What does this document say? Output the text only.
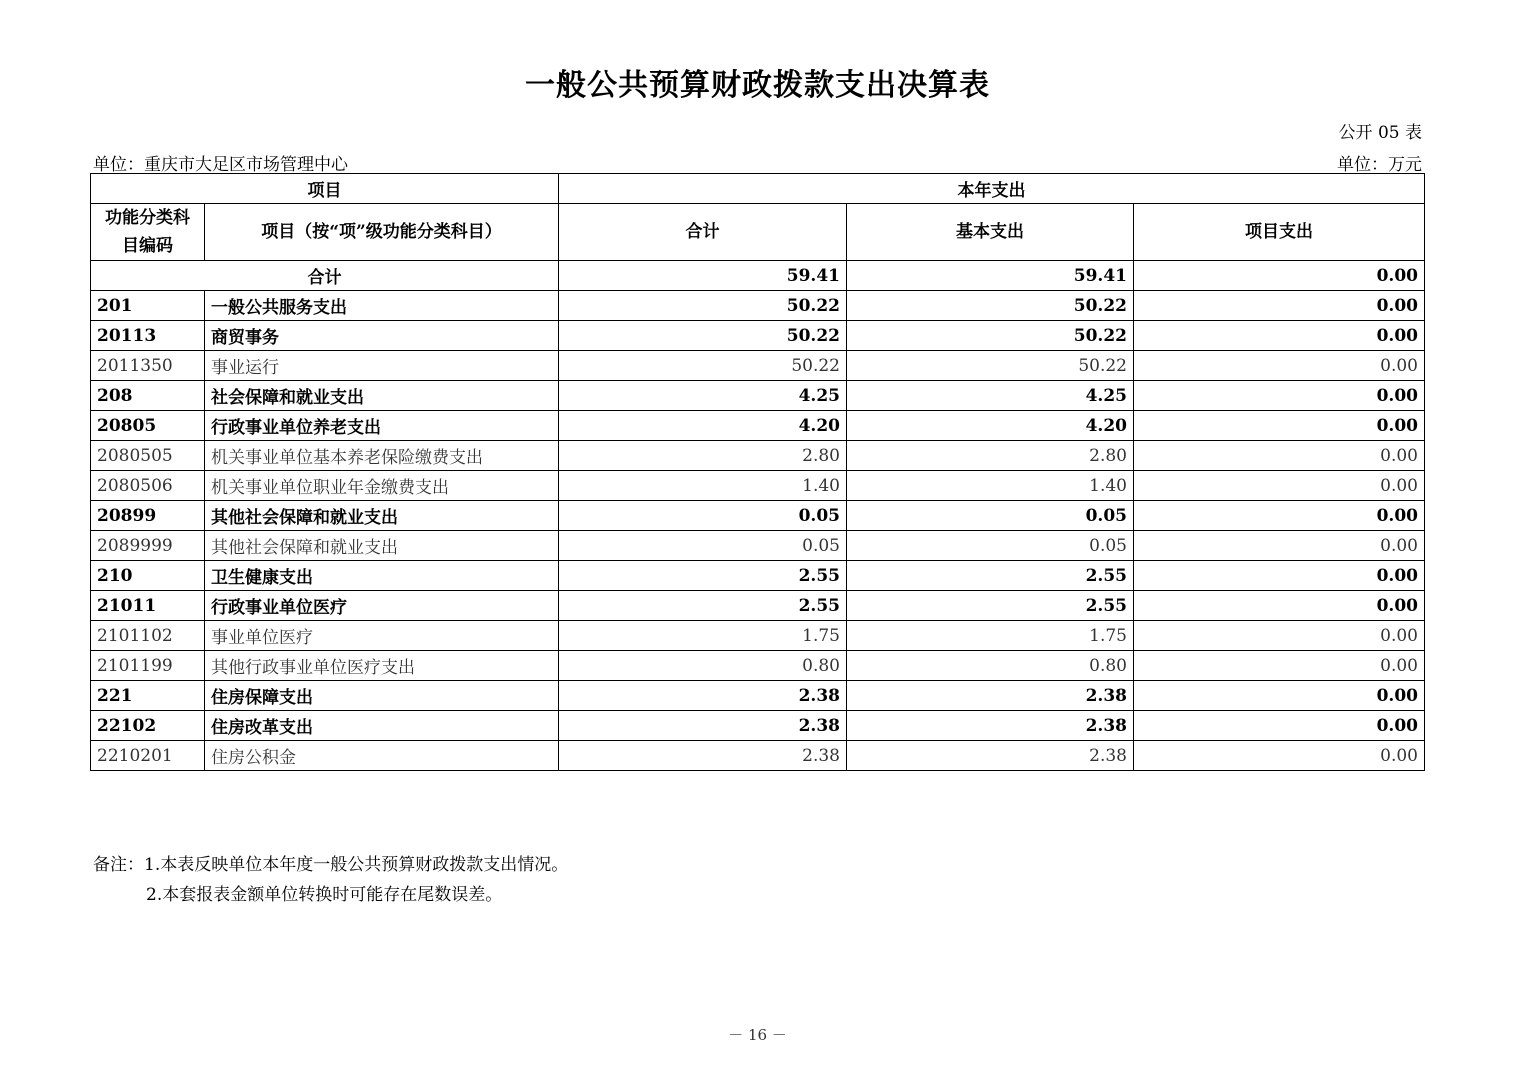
一般公共预算财政拨款支出决算表
公开 05 表
单位：重庆市大足区市场管理中心	单位：万元
项目		本年支出		
功能分类科目编码	项目（按“项”级功能分类科目）	合计	基本支出	项目支出
合计		59.41	59.41	0.00
201	一般公共服务支出	50.22	50.22	0.00
20113	商贸事务	50.22	50.22	0.00
2011350	事业运行	50.22	50.22	0.00
208	社会保障和就业支出	4.25	4.25	0.00
20805	行政事业单位养老支出	4.20	4.20	0.00
2080505	机关事业单位基本养老保险缴费支出	2.80	2.80	0.00
2080506	机关事业单位职业年金缴费支出	1.40	1.40	0.00
20899	其他社会保障和就业支出	0.05	0.05	0.00
2089999	其他社会保障和就业支出	0.05	0.05	0.00
210	卫生健康支出	2.55	2.55	0.00
21011	行政事业单位医疗	2.55	2.55	0.00
2101102	事业单位医疗	1.75	1.75	0.00
2101199	其他行政事业单位医疗支出	0.80	0.80	0.00
221	住房保障支出	2.38	2.38	0.00
22102	住房改革支出	2.38	2.38	0.00
2210201	住房公积金	2.38	2.38	0.00
备注：1.本表反映单位本年度一般公共预算财政拨款支出情况。
2.本套报表金额单位转换时可能存在尾数误差。
－ 16 －
